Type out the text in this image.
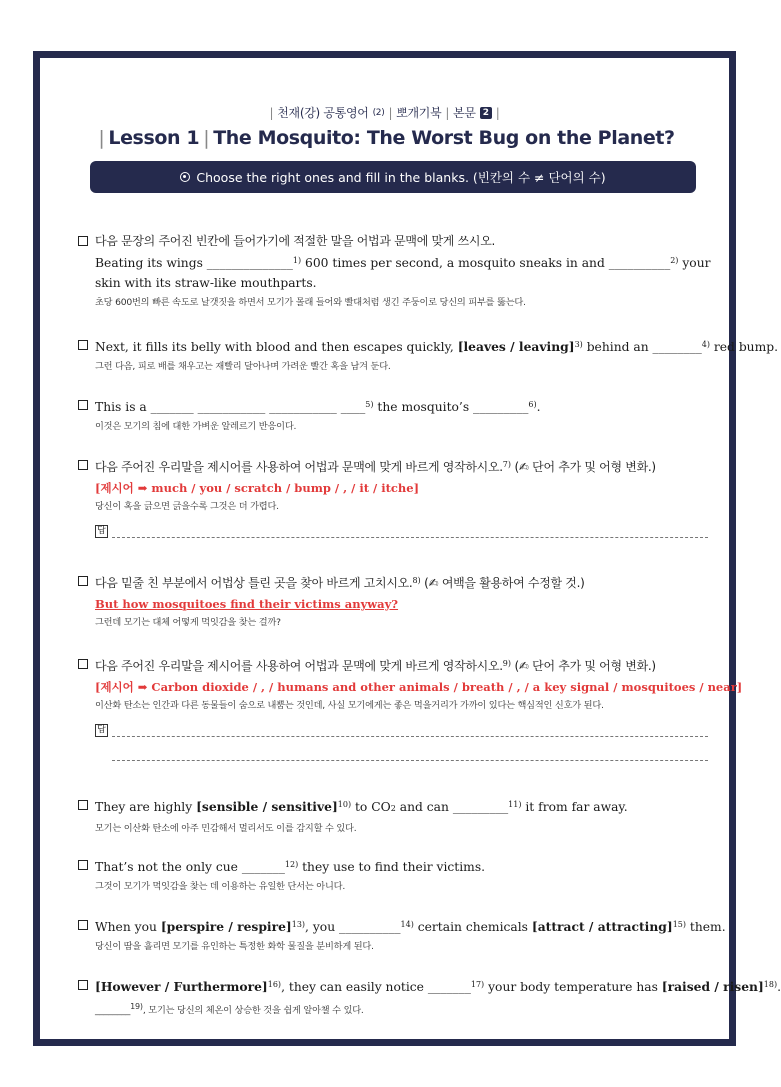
| 천재(강) 공통영어 (2) | 뽀개기북 | 본문 2 |
| Lesson 1 | The Mosquito: The Worst Bug on the Planet?
Choose the right ones and fill in the blanks. (빈칸의 수 ≠ 단어의 수)
다음 문장의 주어진 빈칸에 들어가기에 적절한 말을 어법과 문맥에 맞게 쓰시오.
Beating its wings ______________$^{1)}$ 600 times per second, a mosquito sneaks in and __________$^{2)}$ your
skin with its straw-like mouthparts.
초당 600번의 빠른 속도로 날갯짓을 하면서 모기가 몰래 들어와 빨대처럼 생긴 주둥이로 당신의 피부를 뚫는다.
Next, it fills its belly with blood and then escapes quickly, [leaves / leaving]$^{3)}$ behind an ________$^{4)}$ red bump.
그런 다음, 피로 배를 채우고는 재빨리 달아나며 가려운 빨간 혹을 남겨 둔다.
This is a _______ ___________ ___________ ____$^{5)}$ the mosquito’s _________$^{6)}$.
이것은 모기의 침에 대한 가벼운 알레르기 반응이다.
다음 주어진 우리말을 제시어를 사용하여 어법과 문맥에 맞게 바르게 영작하시오.$^{7)}$ (✍ 단어 추가 및 어형 변화.)
[제시어 ➡ much / you / scratch / bump / , / it / itche]
당신이 혹을 긁으면 긁을수록 그것은 더 가렵다.
답
다음 밑줄 친 부분에서 어법상 틀린 곳을 찾아 바르게 고치시오.$^{8)}$ (✍ 여백을 활용하여 수정할 것.)
But how mosquitoes find their victims anyway?
그런데 모기는 대체 어떻게 먹잇감을 찾는 걸까?
다음 주어진 우리말을 제시어를 사용하여 어법과 문맥에 맞게 바르게 영작하시오.$^{9)}$ (✍ 단어 추가 및 어형 변화.)
[제시어 ➡ Carbon dioxide / , / humans and other animals / breath / , / a key signal / mosquitoes / near]
이산화 탄소는 인간과 다른 동물들이 숨으로 내뿜는 것인데, 사실 모기에게는 좋은 먹을거리가 가까이 있다는 핵심적인 신호가 된다.
답
They are highly [sensible / sensitive]$^{10)}$ to CO2 and can _________$^{11)}$ it from far away.
모기는 이산화 탄소에 아주 민감해서 멀리서도 이를 감지할 수 있다.
That’s not the only cue _______$^{12)}$ they use to find their victims.
그것이 모기가 먹잇감을 찾는 데 이용하는 유일한 단서는 아니다.
When you [perspire / respire]$^{13)}$, you __________$^{14)}$ certain chemicals [attract / attracting]$^{15)}$ them.
당신이 땀을 흘리면 모기를 유인하는 특정한 화학 물질을 분비하게 된다.
[However / Furthermore]$^{16)}$, they can easily notice _______$^{17)}$ your body temperature has [raised / risen]$^{18)}$.
________$^{19)}$, 모기는 당신의 체온이 상승한 것을 쉽게 알아챌 수 있다.
